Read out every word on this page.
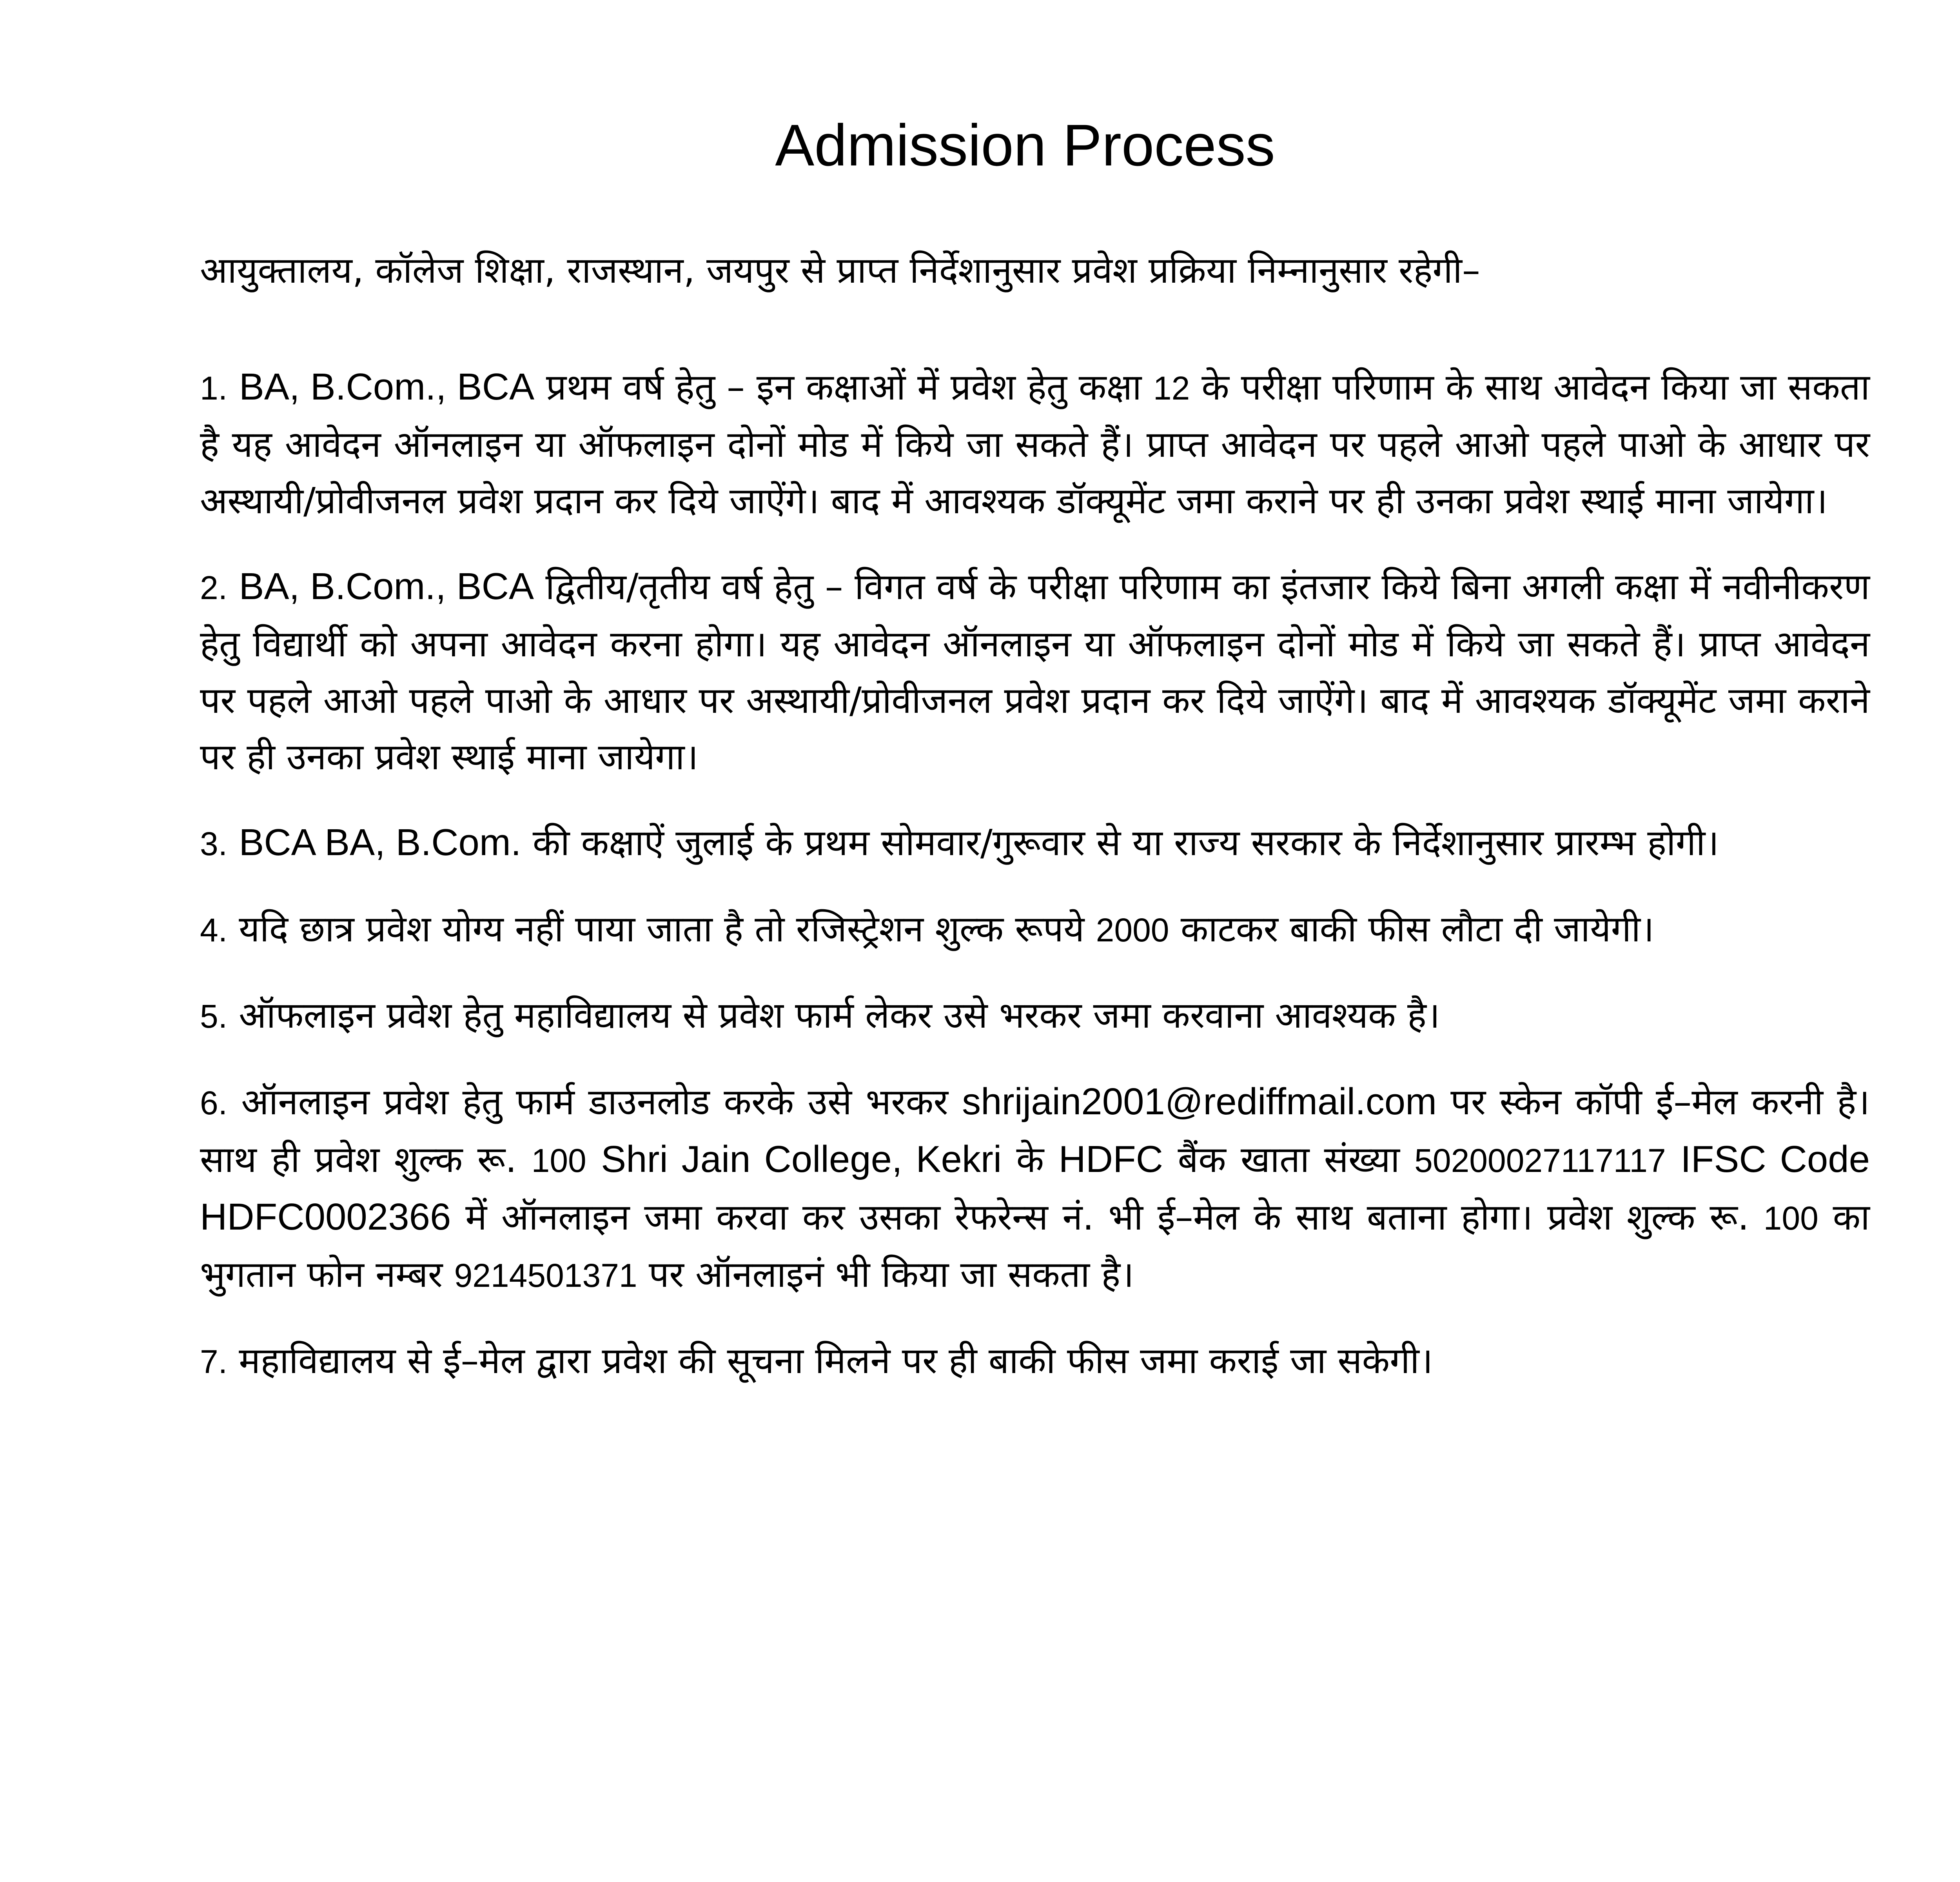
Admission Process

आयुक्तालय, कॉलेज शिक्षा, राजस्थान, जयपुर से प्राप्त निर्देशानुसार प्रवेश प्रक्रिया निम्नानुसार रहेगी–

1. BA, B.Com., BCA प्रथम वर्ष हेतु – इन कक्षाओं में प्रवेश हेतु कक्षा 12 के परीक्षा परिणाम के साथ आवेदन किया जा सकता है यह आवेदन ऑनलाइन या ऑफलाइन दोनों मोड में किये जा सकते हैं। प्राप्त आवेदन पर पहले आओ पहले पाओ के आधार पर अस्थायी/प्रोवीजनल प्रवेश प्रदान कर दिये जाऐंगे। बाद में आवश्यक डॉक्यूमेंट जमा कराने पर ही उनका प्रवेश स्थाई माना जायेगा।
2. BA, B.Com., BCA द्वितीय/तृतीय वर्ष हेतु – विगत वर्ष के परीक्षा परिणाम का इंतजार किये बिना अगली कक्षा में नवीनीकरण हेतु विद्यार्थी को अपना आवेदन करना होगा। यह आवेदन ऑनलाइन या ऑफलाइन दोनों मोड में किये जा सकते हैं। प्राप्त आवेदन पर पहले आओ पहले पाओ के आधार पर अस्थायी/प्रोवीजनल प्रवेश प्रदान कर दिये जाऐंगे। बाद में आवश्यक डॉक्यूमेंट जमा कराने पर ही उनका प्रवेश स्थाई माना जायेगा।
3. BCA BA, B.Com. की कक्षाऐं जुलाई के प्रथम सोमवार/गुरूवार से या राज्य सरकार के निर्देशानुसार प्रारम्भ होगी।
4. यदि छात्र प्रवेश योग्य नहीं पाया जाता है तो रजिस्ट्रेशन शुल्क रूपये 2000 काटकर बाकी फीस लौटा दी जायेगी।
5. ऑफलाइन प्रवेश हेतु महाविद्यालय से प्रवेश फार्म लेकर उसे भरकर जमा करवाना आवश्यक है।
6. ऑनलाइन प्रवेश हेतु फार्म डाउनलोड करके उसे भरकर shrijain2001@rediffmail.com पर स्केन कॉपी ई–मेल करनी है। साथ ही प्रवेश शुल्क रू. 100 Shri Jain College, Kekri के HDFC बैंक खाता संख्या 50200027117117 IFSC Code HDFC0002366 में ऑनलाइन जमा करवा कर उसका रेफरेन्स नं. भी ई–मेल के साथ बताना होगा। प्रवेश शुल्क रू. 100 का भुगतान फोन नम्बर 9214501371 पर ऑनलाइनं भी किया जा सकता है।
7. महाविद्यालय से ई–मेल द्वारा प्रवेश की सूचना मिलने पर ही बाकी फीस जमा कराई जा सकेगी।
